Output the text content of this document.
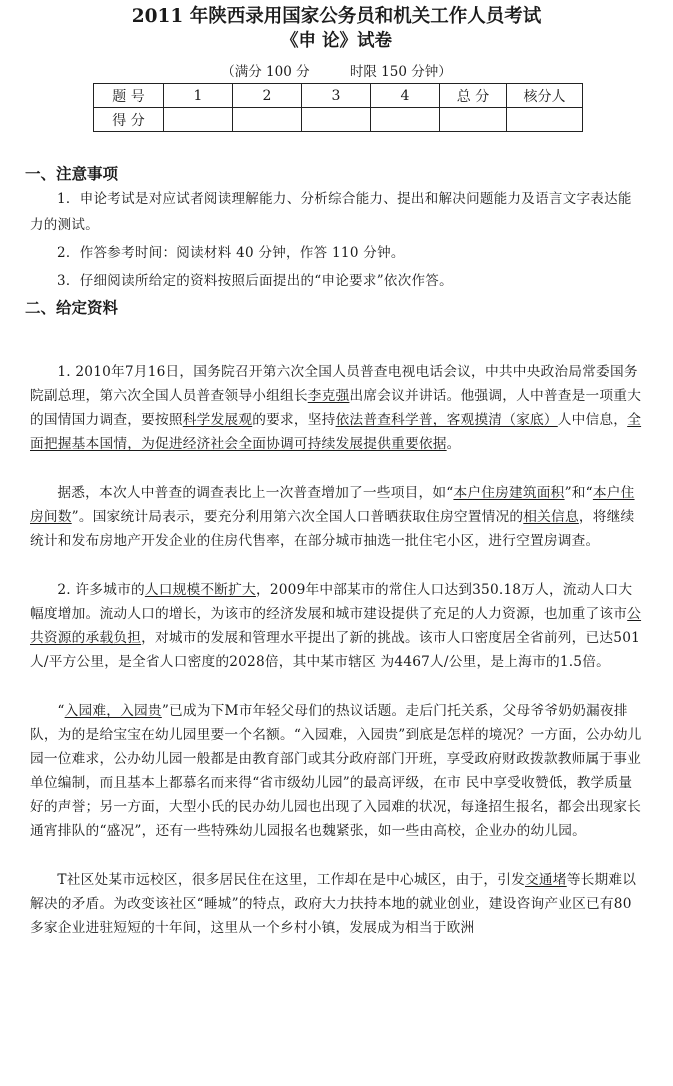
2011 年陕西录用国家公务员和机关工作人员考试
《申 论》试卷
（满分 100 分	时限 150 分钟）
题 号	1	2	3	4	总 分	核分人
得 分						
一、注意事项

1．申论考试是对应试者阅读理解能力、分析综合能力、提出和解决问题能力及语言文字表达能力的测试。

2．作答参考时间：阅读材料 40 分钟，作答 110 分钟。

3．仔细阅读所给定的资料按照后面提出的“申论要求”依次作答。

二、给定资料

1. 2010年7月16日，国务院召开第六次全国人员普查电视电话会议，中共中央政治局常委国务院副总理，第六次全国人员普查领导小组组长李克强出席会议并讲话。他强调，人中普查是一项重大的国情国力调查，要按照科学发展观的要求，坚持依法普查科学普，客观摸清（家底）人中信息，全面把握基本国情，为促进经济社会全面协调可持续发展提供重要依据。

据悉，本次人中普查的调查表比上一次普查增加了一些项目，如“本户住房建筑面积”和“本户住房间数”。国家统计局表示，要充分利用第六次全国人口普晒获取住房空置情况的相关信息，将继续统计和发布房地产开发企业的住房代售率，在部分城市抽选一批住宅小区，进行空置房调查。

2. 许多城市的人口规模不断扩大，2009年中部某市的常住人口达到350.18万人，流动人口大幅度增加。流动人口的增长，为该市的经济发展和城市建设提供了充足的人力资源，也加重了该市公共资源的承载负担，对城市的发展和管理水平提出了新的挑战。该市人口密度居全省前列，已达501人/平方公里，是全省人口密度的2028倍，其中某市辖区 为4467人/公里，是上海市的1.5倍。

“入园难，入园贵”已成为下M市年轻父母们的热议话题。走后门托关系，父母爷爷奶奶漏夜排队，为的是给宝宝在幼儿园里要一个名额。“入园难，入园贵”到底是怎样的境况？一方面，公办幼儿园一位难求，公办幼儿园一般都是由教育部门或其分政府部门开班，享受政府财政拨款教师属于事业单位编制，而且基本上都慕名而来得“省市级幼儿园”的最高评级，在市 民中享受收赞低，教学质量好的声誉；另一方面，大型小氏的民办幼儿园也出现了入园难的状况，每逢招生报名，都会出现家长通宵排队的“盛况”，还有一些特殊幼儿园报名也魏紧张，如一些由高校，企业办的幼儿园。

T社区处某市远校区，很多居民住在这里，工作却在是中心城区，由于，引发交通堵等长期难以解决的矛盾。为改变该社区“睡城”的特点，政府大力扶持本地的就业创业，建设咨询产业区已有80多家企业进驻短短的十年间，这里从一个乡村小镇，发展成为相当于欧洲
